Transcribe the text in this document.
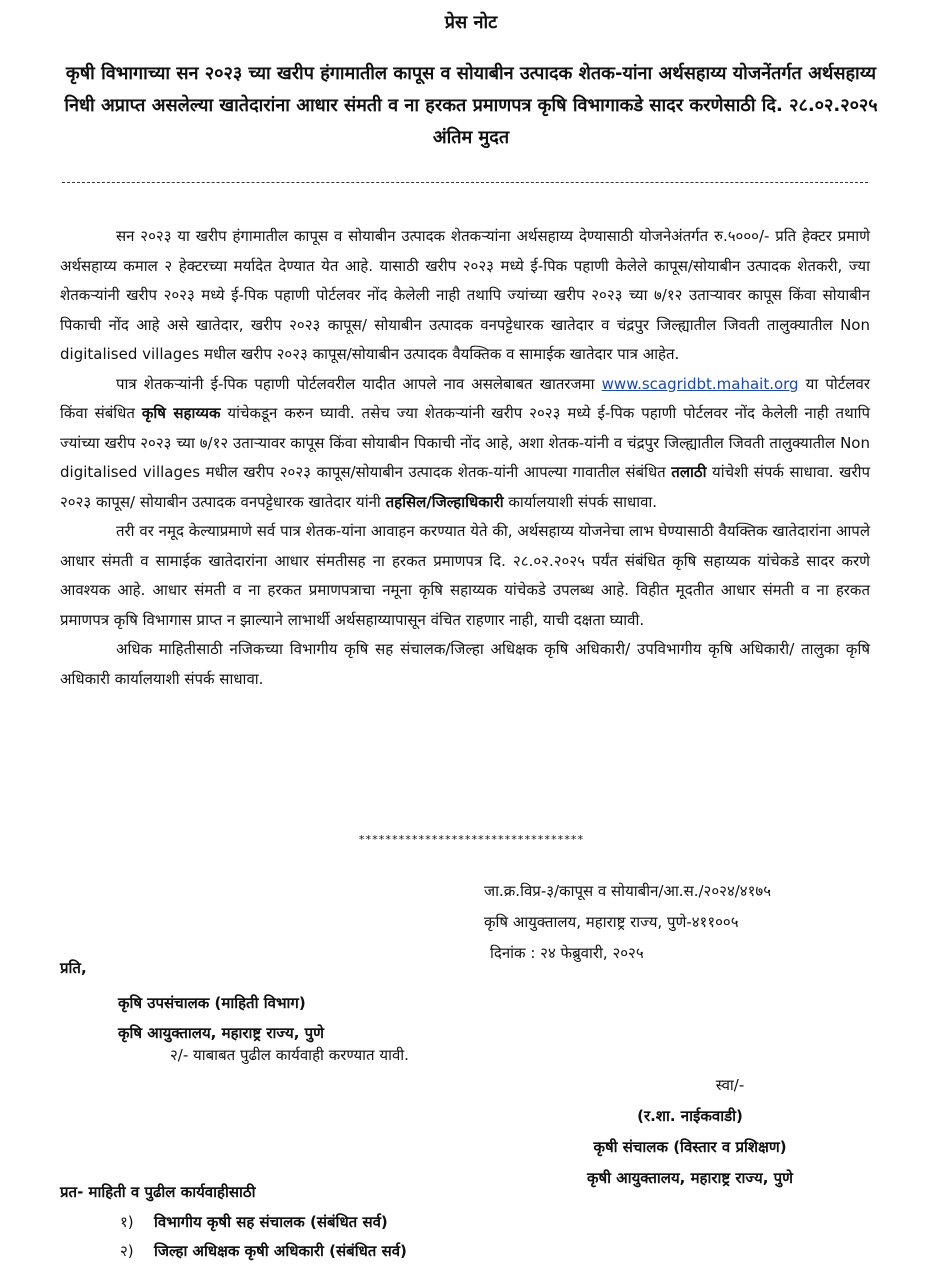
प्रेस नोट
कृषी विभागाच्या सन २०२३ च्या खरीप हंगामातील कापूस व सोयाबीन उत्पादक शेतक-यांना अर्थसहाय्य योजनेंतर्गत अर्थसहाय्य निधी अप्राप्त असलेल्या खातेदारांना आधार संमती व ना हरकत प्रमाणपत्र कृषि विभागाकडे सादर करणेसाठी दि. २८.०२.२०२५ अंतिम मुदत

सन २०२३ या खरीप हंगामातील कापूस व सोयाबीन उत्पादक शेतकऱ्यांना अर्थसहाय्य देण्यासाठी योजनेअंतर्गत रु.५०००/- प्रति हेक्टर प्रमाणे अर्थसहाय्य कमाल २ हेक्टरच्या मर्यादेत देण्यात येत आहे. यासाठी खरीप २०२३ मध्ये ई-पिक पहाणी केलेले कापूस/सोयाबीन उत्पादक शेतकरी, ज्या शेतकऱ्यांनी खरीप २०२३ मध्ये ई-पिक पहाणी पोर्टलवर नोंद केलेली नाही तथापि ज्यांच्या खरीप २०२३ च्या ७/१२ उताऱ्यावर कापूस किंवा सोयाबीन पिकाची नोंद आहे असे खातेदार, खरीप २०२३ कापूस/ सोयाबीन उत्पादक वनपट्टेधारक खातेदार व चंद्रपुर जिल्ह्यातील जिवती तालुक्यातील Non digitalised villages मधील खरीप २०२३ कापूस/सोयाबीन उत्पादक वैयक्तिक व सामाईक खातेदार पात्र आहेत.

पात्र शेतकऱ्यांनी ई-पिक पहाणी पोर्टलवरील यादीत आपले नाव असलेबाबत खातरजमा www.scagridbt.mahait.org या पोर्टलवर किंवा संबंधित कृषि सहाय्यक यांचेकडून करुन घ्यावी. तसेच ज्या शेतकऱ्यांनी खरीप २०२३ मध्ये ई-पिक पहाणी पोर्टलवर नोंद केलेली नाही तथापि ज्यांच्या खरीप २०२३ च्या ७/१२ उताऱ्यावर कापूस किंवा सोयाबीन पिकाची नोंद आहे, अशा शेतक-यांनी व चंद्रपुर जिल्ह्यातील जिवती तालुक्यातील Non digitalised villages मधील खरीप २०२३ कापूस/सोयाबीन उत्पादक शेतक-यांनी आपल्या गावातील संबंधित तलाठी यांचेशी संपर्क साधावा. खरीप २०२३ कापूस/ सोयाबीन उत्पादक वनपट्टेधारक खातेदार यांनी तहसिल/जिल्हाधिकारी कार्यालयाशी संपर्क साधावा.

तरी वर नमूद केल्याप्रमाणे सर्व पात्र शेतक-यांना आवाहन करण्यात येते की, अर्थसहाय्य योजनेचा लाभ घेण्यासाठी वैयक्तिक खातेदारांना आपले आधार संमती व सामाईक खातेदारांना आधार संमतीसह ना हरकत प्रमाणपत्र दि. २८.०२.२०२५ पर्यंत संबंधित कृषि सहाय्यक यांचेकडे सादर करणे आवश्यक आहे. आधार संमती व ना हरकत प्रमाणपत्राचा नमूना कृषि सहाय्यक यांचेकडे उपलब्ध आहे. विहीत मूदतीत आधार संमती व ना हरकत प्रमाणपत्र कृषि विभागास प्राप्त न झाल्याने लाभार्थी अर्थसहाय्यापासून वंचित राहणार नाही, याची दक्षता घ्यावी.

अधिक माहितीसाठी नजिकच्या विभागीय कृषि सह संचालक/जिल्हा अधिक्षक कृषि अधिकारी/ उपविभागीय कृषि अधिकारी/ तालुका कृषि अधिकारी कार्यालयाशी संपर्क साधावा.

**********************************
जा.क्र.विप्र-३/कापूस व सोयाबीन/आ.स./२०२४/४१७५
कृषि आयुक्तालय, महाराष्ट्र राज्य, पुणे-४११००५
दिनांक : २४ फेब्रुवारी, २०२५
प्रति,
कृषि उपसंचालक (माहिती विभाग)
कृषि आयुक्तालय, महाराष्ट्र राज्य, पुणे
२/- याबाबत पुढील कार्यवाही करण्यात यावी.
स्वा/-
(र.शा. नाईकवाडी)
कृषी संचालक (विस्तार व प्रशिक्षण)
कृषी आयुक्तालय, महाराष्ट्र राज्य, पुणे
प्रत- माहिती व पुढील कार्यवाहीसाठी
१) विभागीय कृषी सह संचालक (संबंधित सर्व)
२) जिल्हा अधिक्षक कृषी अधिकारी (संबंधित सर्व)
